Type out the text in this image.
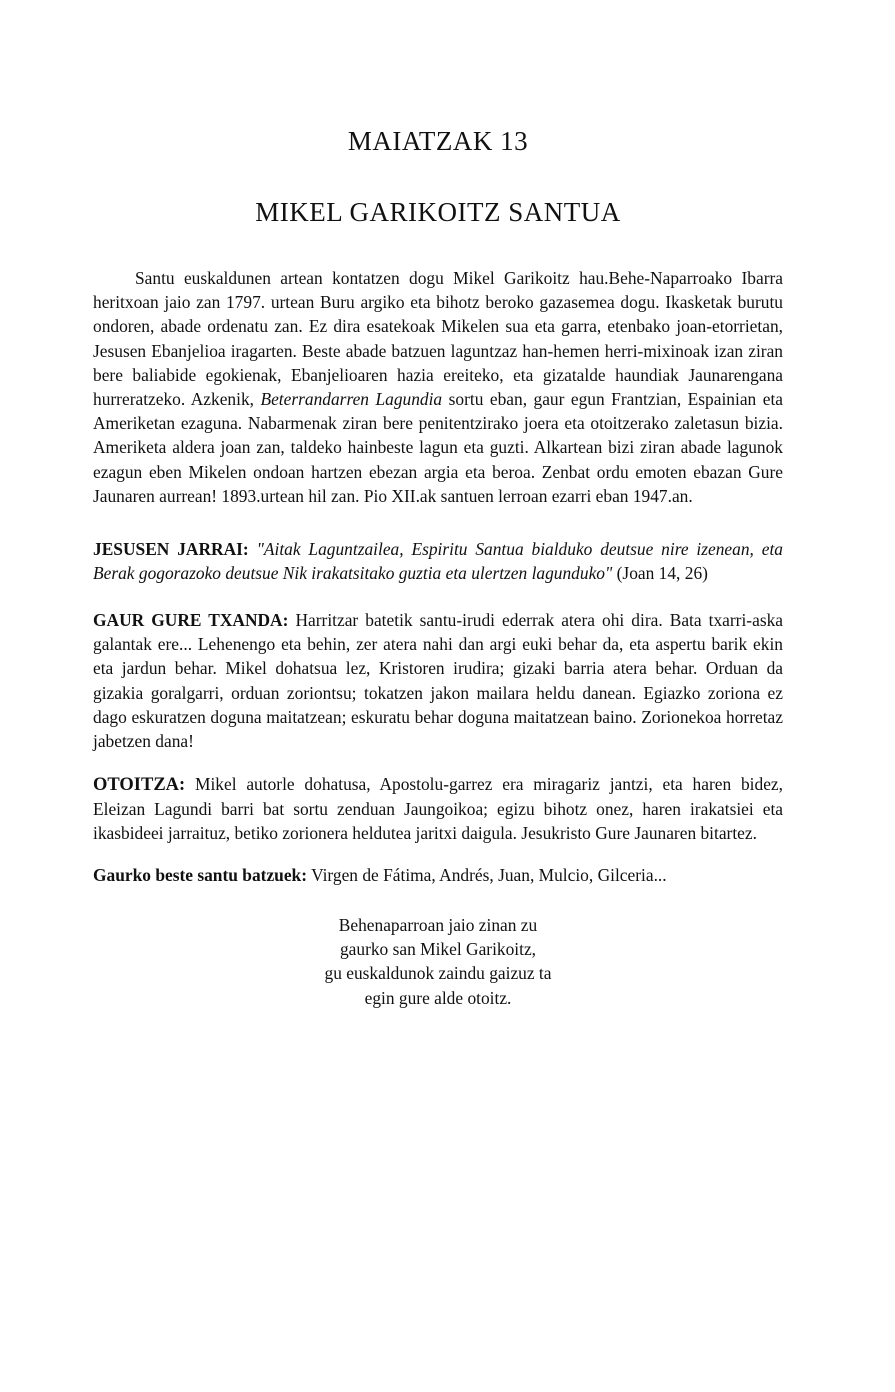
MAIATZAK 13
MIKEL GARIKOITZ SANTUA

Santu euskaldunen artean kontatzen dogu Mikel Garikoitz hau.Behe-Naparroako Ibarra heritxoan jaio zan 1797. urtean Buru argiko eta bihotz beroko gazasemea dogu. Ikasketak burutu ondoren, abade ordenatu zan. Ez dira esatekoak Mikelen sua eta garra, etenbako joan-etorrietan, Jesusen Ebanjelioa iragarten. Beste abade batzuen laguntzaz han-hemen herri-mixinoak izan ziran bere baliabide egokienak, Ebanjelioaren hazia ereiteko, eta gizatalde haundiak Jaunarengana hurreratzeko. Azkenik, Beterrandarren Lagundia sortu eban, gaur egun Frantzian, Espainian eta Ameriketan ezaguna. Nabarmenak ziran bere penitentzirako joera eta otoitzerako zaletasun bizia. Ameriketa aldera joan zan, taldeko hainbeste lagun eta guzti. Alkartean bizi ziran abade lagunok ezagun eben Mikelen ondoan hartzen ebezan argia eta beroa. Zenbat ordu emoten ebazan Gure Jaunaren aurrean! 1893.urtean hil zan. Pio XII.ak santuen lerroan ezarri eban 1947.an.

JESUSEN JARRAI: "Aitak Laguntzailea, Espiritu Santua bialduko deutsue nire izenean, eta Berak gogorazoko deutsue Nik irakatsitako guztia eta ulertzen lagunduko" (Joan 14, 26)

GAUR GURE TXANDA: Harritzar batetik santu-irudi ederrak atera ohi dira. Bata txarri-aska galantak ere... Lehenengo eta behin, zer atera nahi dan argi euki behar da, eta aspertu barik ekin eta jardun behar. Mikel dohatsua lez, Kristoren irudira; gizaki barria atera behar. Orduan da gizakia goralgarri, orduan zoriontsu; tokatzen jakon mailara heldu danean. Egiazko zoriona ez dago eskuratzen doguna maitatzean; eskuratu behar doguna maitatzean baino. Zorionekoa horretaz jabetzen dana!

OTOITZA: Mikel autorle dohatusa, Apostolu-garrez era miragariz jantzi, eta haren bidez, Eleizan Lagundi barri bat sortu zenduan Jaungoikoa; egizu bihotz onez, haren irakatsiei eta ikasbideei jarraituz, betiko zorionera heldutea jaritxi daigula. Jesukristo Gure Jaunaren bitartez.

Gaurko beste santu batzuek: Virgen de Fátima, Andrés, Juan, Mulcio, Gilceria...

Behenaparroan jaio zinan zu
gaurko san Mikel Garikoitz,
gu euskaldunok zaindu gaizuz ta
egin gure alde otoitz.
